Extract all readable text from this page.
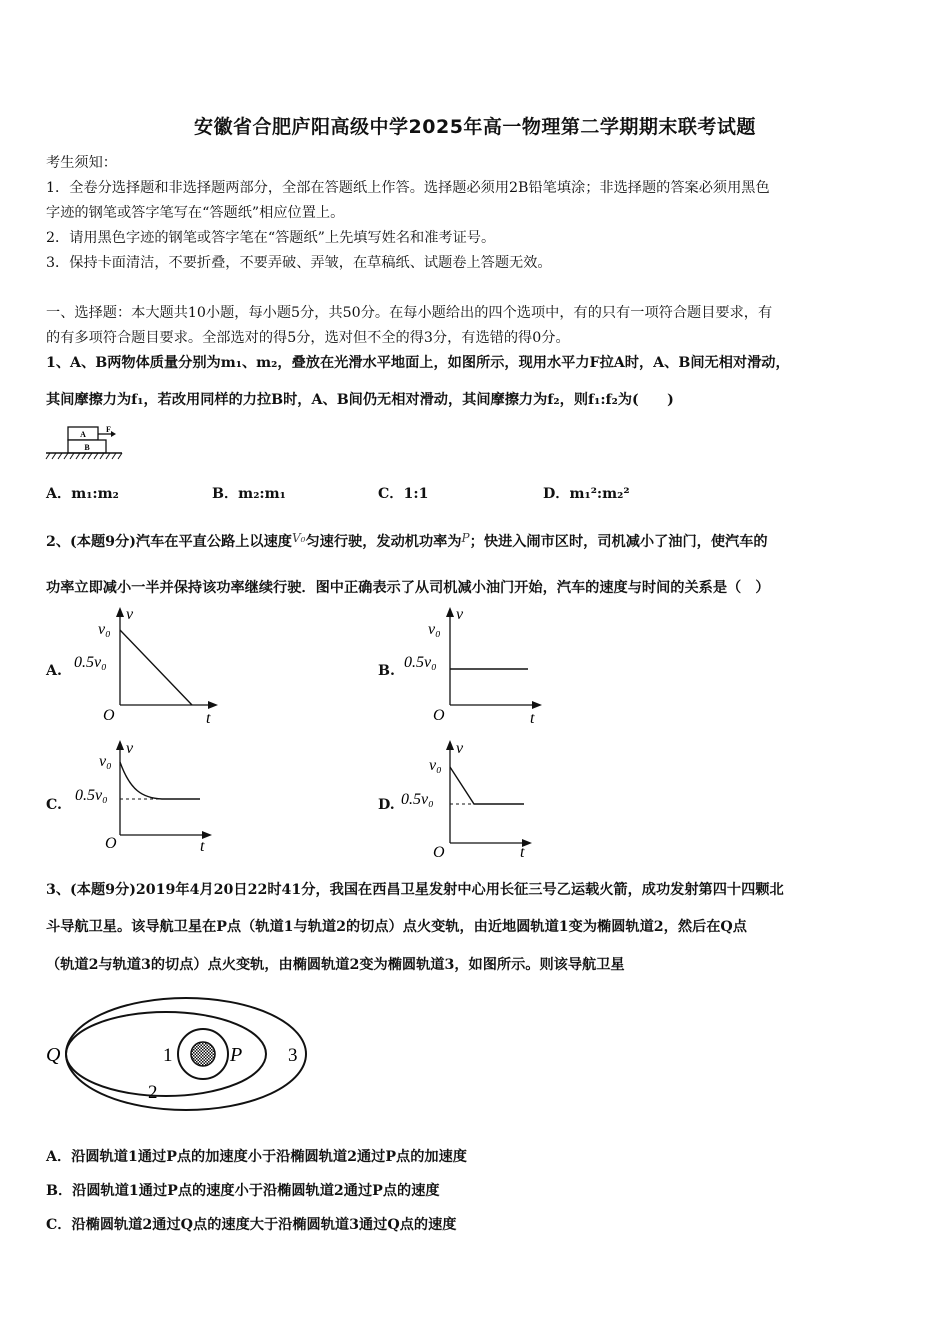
安徽省合肥庐阳高级中学2025年高一物理第二学期期末联考试题
考生须知：
1．全卷分选择题和非选择题两部分，全部在答题纸上作答。选择题必须用2B铅笔填涂；非选择题的答案必须用黑色
字迹的钢笔或答字笔写在“答题纸”相应位置上。
2．请用黑色字迹的钢笔或答字笔在“答题纸”上先填写姓名和准考证号。
3．保持卡面清洁，不要折叠，不要弄破、弄皱，在草稿纸、试题卷上答题无效。
一、选择题：本大题共10小题，每小题5分，共50分。在每小题给出的四个选项中，有的只有一项符合题目要求，有
的有多项符合题目要求。全部选对的得5分，选对但不全的得3分，有选错的得0分。
1、A、B两物体质量分别为m₁、m₂，叠放在光滑水平地面上，如图所示，现用水平力F拉A时，A、B间无相对滑动，
其间摩擦力为f₁，若改用同样的力拉B时，A、B间仍无相对滑动，其间摩擦力为f₂，则f₁:f₂为(　　)
A
B
F
A．m₁:m₂	B．m₂:m₁	C．1:1	D．m₁²:m₂²
2、(本题9分)汽车在平直公路上以速度$^{V_0}$匀速行驶，发动机功率为$^P$；快进入闹市区时，司机减小了油门，使汽车的
功率立即减小一半并保持该功率继续行驶．图中正确表示了从司机减小油门开始，汽车的速度与时间的关系是（　）
A.	B.
C.	D.
v
t
O
v₀
0.5v₀
v
t
O
v₀
0.5v₀
v
t
O
v₀
0.5v₀
v
t
O
v₀
0.5v₀
3、(本题9分)2019年4月20日22时41分，我国在西昌卫星发射中心用长征三号乙运载火箭，成功发射第四十四颗北
斗导航卫星。该导航卫星在P点（轨道1与轨道2的切点）点火变轨，由近地圆轨道1变为椭圆轨道2，然后在Q点
（轨道2与轨道3的切点）点火变轨，由椭圆轨道2变为椭圆轨道3，如图所示。则该导航卫星
Q	P
1
2
3
A．沿圆轨道1通过P点的加速度小于沿椭圆轨道2通过P点的加速度
B．沿圆轨道1通过P点的速度小于沿椭圆轨道2通过P点的速度
C．沿椭圆轨道2通过Q点的速度大于沿椭圆轨道3通过Q点的速度
